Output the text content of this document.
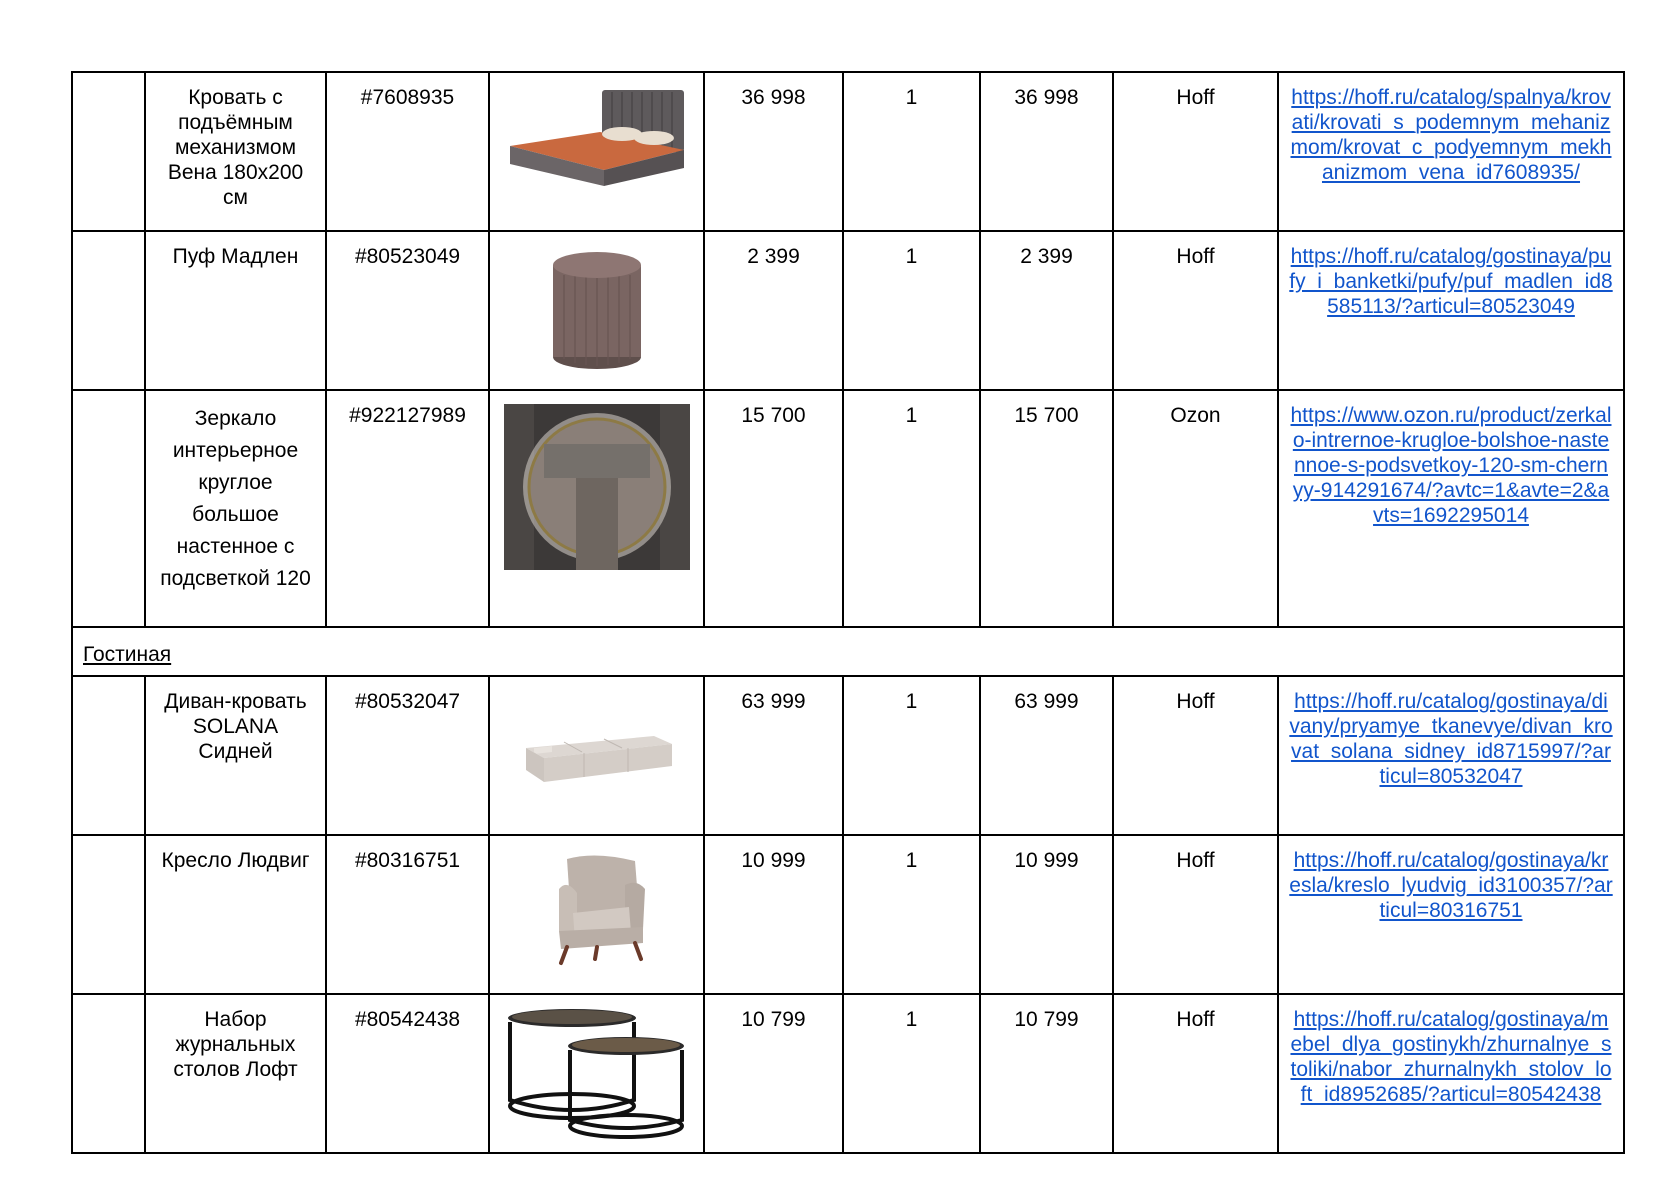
	Кровать с подъёмным механизмом Вена 180х200 см	#7608935		36 998	1	36 998	Hoff	https://hoff.ru/catalog/spalnya/krovati/krovati_s_podemnym_mehanizmom/krovat_c_podyemnym_mekhanizmom_vena_id7608935/

	Пуф Мадлен	#80523049		2 399	1	2 399	Hoff	https://hoff.ru/catalog/gostinaya/pufy_i_banketki/pufy/puf_madlen_id8585113/?articul=80523049

	Зеркало интерьерное круглое большое настенное с подсветкой 120	#922127989		15 700	1	15 700	Ozon	https://www.ozon.ru/product/zerkalo-intrernoe-krugloe-bolshoe-nastennoe-s-podsvetkoy-120-sm-chernyy-914291674/?avtc=1&avte=2&avts=1692295014

Гостиная								
	Диван-кровать SOLANA Сидней	#80532047		63 999	1	63 999	Hoff	https://hoff.ru/catalog/gostinaya/divany/pryamye_tkanevye/divan_krovat_solana_sidney_id8715997/?articul=80532047

	Кресло Людвиг	#80316751		10 999	1	10 999	Hoff	https://hoff.ru/catalog/gostinaya/kresla/kreslo_lyudvig_id3100357/?articul=80316751

	Набор журнальных столов Лофт	#80542438		10 799	1	10 799	Hoff	https://hoff.ru/catalog/gostinaya/mebel_dlya_gostinykh/zhurnalnye_stoliki/nabor_zhurnalnykh_stolov_loft_id8952685/?articul=80542438
